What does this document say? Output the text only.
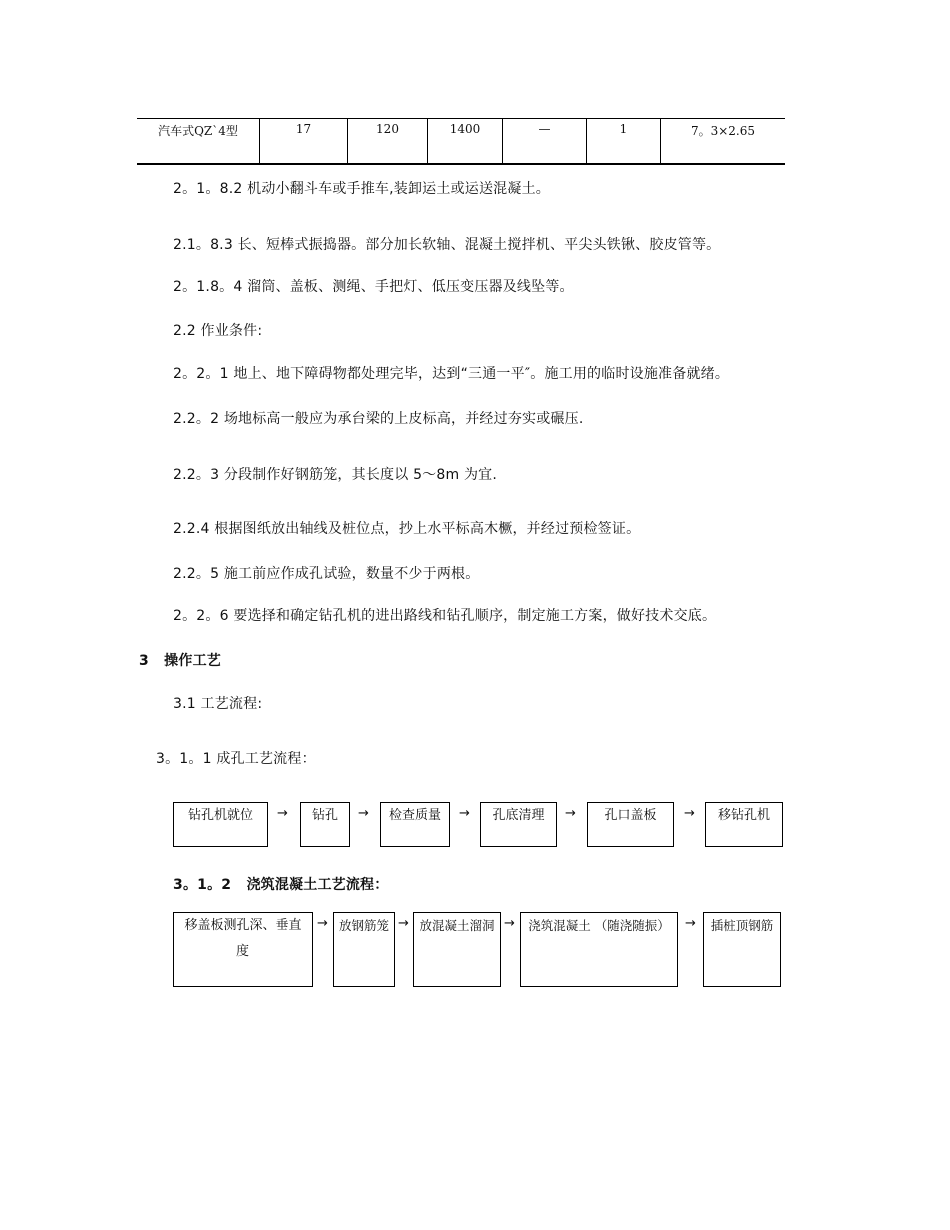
汽车式QZˋ4型	17	120	1400	—	1	7。3×2.65
2。1。8.2 机动小翻斗车或手推车,装卸运土或运送混凝土。
2.1。8.3 长、短棒式振捣器。部分加长软轴、混凝土搅拌机、平尖头铁锹、胶皮管等。
2。1.8。4 溜筒、盖板、测绳、手把灯、低压变压器及线坠等。
2.2 作业条件:
2。2。1 地上、地下障碍物都处理完毕，达到“三通一平″。施工用的临时设施准备就绪。
2.2。2 场地标高一般应为承台梁的上皮标高，并经过夯实或碾压.
2.2。3 分段制作好钢筋笼，其长度以 5～8m 为宜.
2.2.4 根据图纸放出轴线及桩位点，抄上水平标高木橛，并经过预检签证。
2.2。5 施工前应作成孔试验，数量不少于两根。
2。2。6 要选择和确定钻孔机的进出路线和钻孔顺序，制定施工方案，做好技术交底。
3   操作工艺
3.1 工艺流程:
3。1。1 成孔工艺流程：
3。1。2   浇筑混凝土工艺流程：
钻孔机就位	→	钻孔	→	检查质量	→	孔底清理	→	孔口盖板	→	移钻孔机
移盖板测孔深、垂直
度
→ 放钢筋笼 → 放混凝土溜洞 →	浇筑混凝土 （随浇随振）	→	插桩顶钢筋
